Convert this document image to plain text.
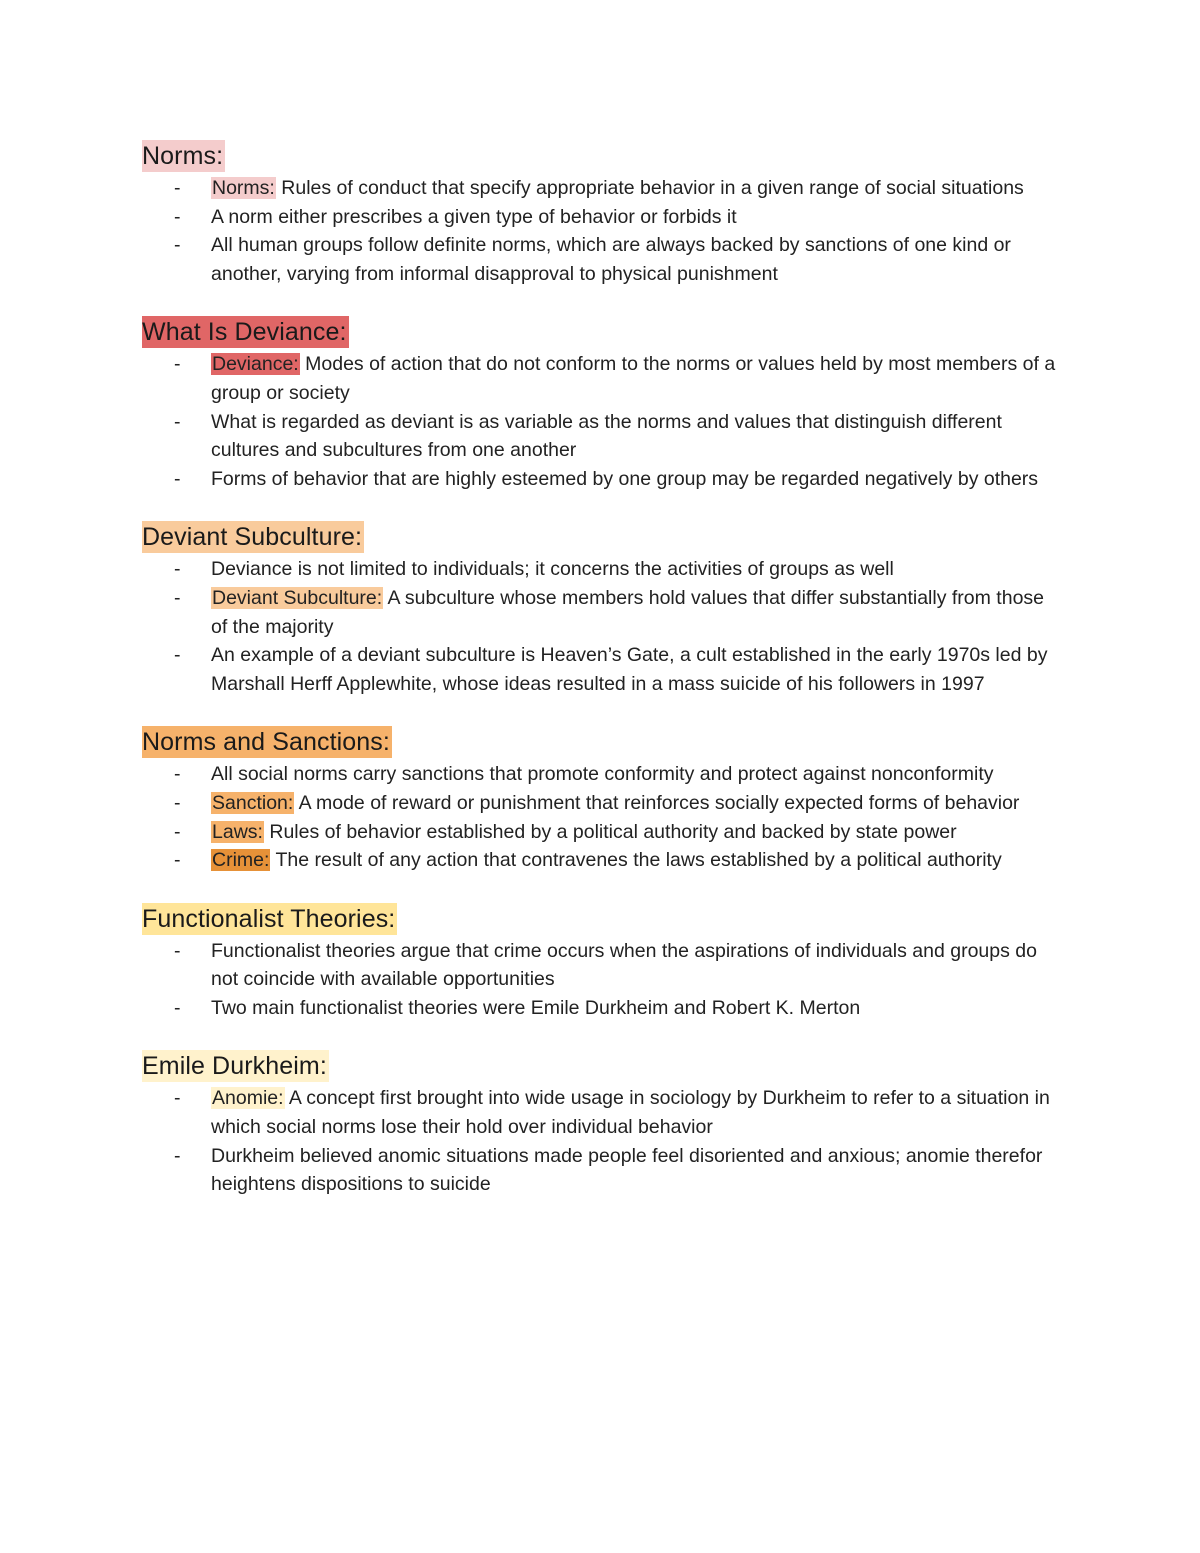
Norms:
- Norms: Rules of conduct that specify appropriate behavior in a given range of social situations
- A norm either prescribes a given type of behavior or forbids it
- All human groups follow definite norms, which are always backed by sanctions of one kind or another, varying from informal disapproval to physical punishment
What Is Deviance:
- Deviance: Modes of action that do not conform to the norms or values held by most members of a group or society
- What is regarded as deviant is as variable as the norms and values that distinguish different cultures and subcultures from one another
- Forms of behavior that are highly esteemed by one group may be regarded negatively by others
Deviant Subculture:
- Deviance is not limited to individuals; it concerns the activities of groups as well
- Deviant Subculture: A subculture whose members hold values that differ substantially from those of the majority
- An example of a deviant subculture is Heaven’s Gate, a cult established in the early 1970s led by Marshall Herff Applewhite, whose ideas resulted in a mass suicide of his followers in 1997
Norms and Sanctions:
- All social norms carry sanctions that promote conformity and protect against nonconformity
- Sanction: A mode of reward or punishment that reinforces socially expected forms of behavior
- Laws: Rules of behavior established by a political authority and backed by state power
- Crime: The result of any action that contravenes the laws established by a political authority
Functionalist Theories:
- Functionalist theories argue that crime occurs when the aspirations of individuals and groups do not coincide with available opportunities
- Two main functionalist theories were Emile Durkheim and Robert K. Merton
Emile Durkheim:
- Anomie: A concept first brought into wide usage in sociology by Durkheim to refer to a situation in which social norms lose their hold over individual behavior
- Durkheim believed anomic situations made people feel disoriented and anxious; anomie therefor heightens dispositions to suicide
